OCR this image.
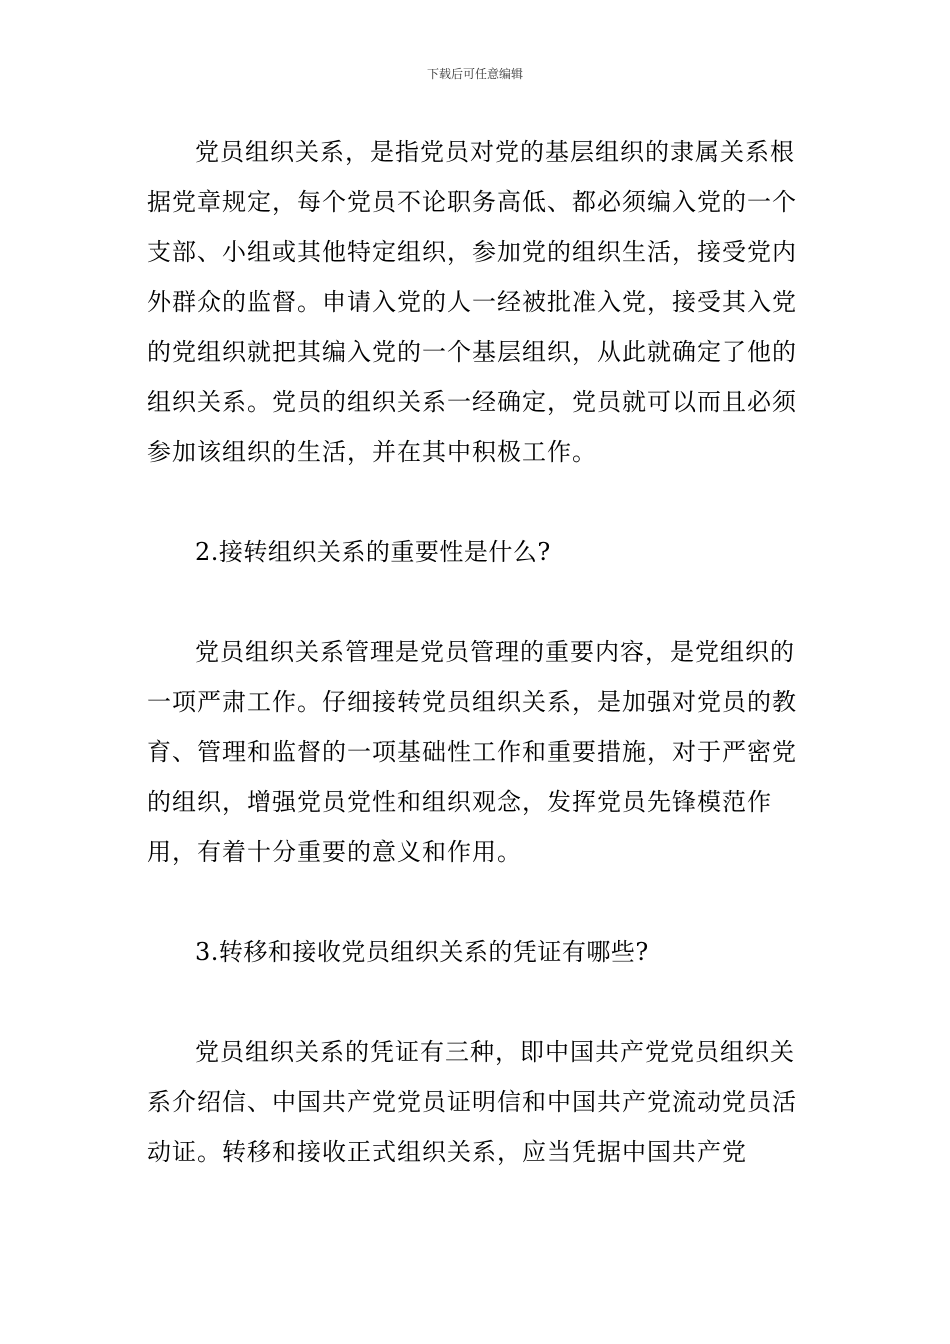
下载后可任意编辑

党员组织关系，是指党员对党的基层组织的隶属关系根据党章规定，每个党员不论职务高低、都必须编入党的一个支部、小组或其他特定组织，参加党的组织生活，接受党内外群众的监督。申请入党的人一经被批准入党，接受其入党的党组织就把其编入党的一个基层组织，从此就确定了他的组织关系。党员的组织关系一经确定，党员就可以而且必须参加该组织的生活，并在其中积极工作。

2.接转组织关系的重要性是什么?

党员组织关系管理是党员管理的重要内容，是党组织的一项严肃工作。仔细接转党员组织关系，是加强对党员的教育、管理和监督的一项基础性工作和重要措施，对于严密党的组织，增强党员党性和组织观念，发挥党员先锋模范作用，有着十分重要的意义和作用。

3.转移和接收党员组织关系的凭证有哪些?

党员组织关系的凭证有三种，即中国共产党党员组织关系介绍信、中国共产党党员证明信和中国共产党流动党员活动证。转移和接收正式组织关系，应当凭据中国共产党
